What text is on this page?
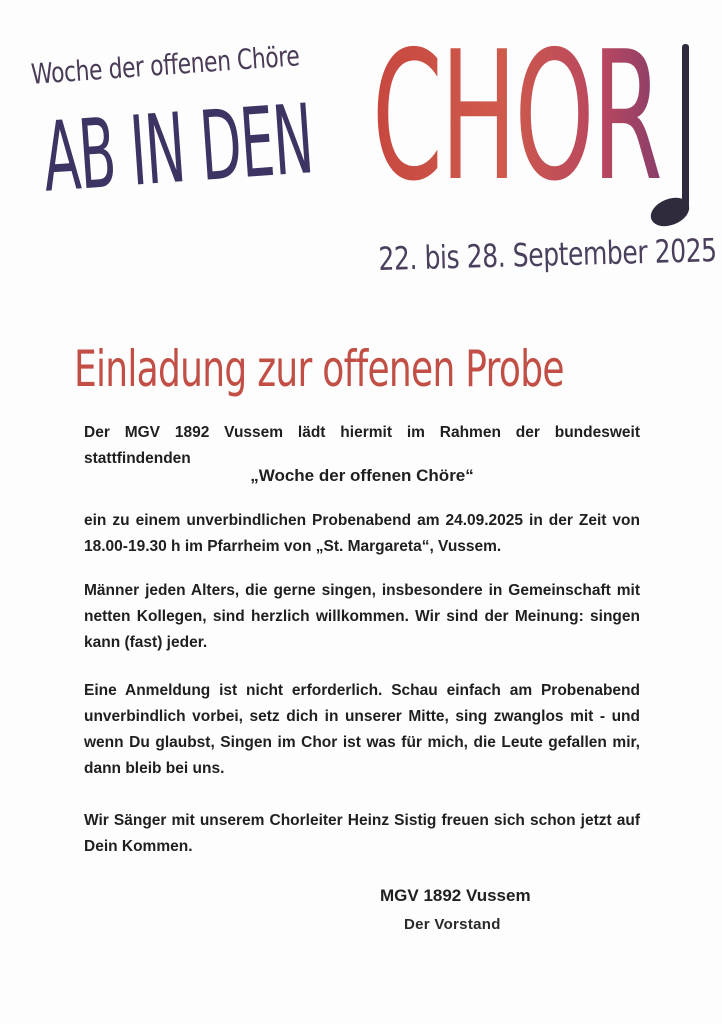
Woche der offenen Chöre
AB IN DEN CHOR
22. bis 28. September 2025
Einladung zur offenen Probe

Der MGV 1892 Vussem lädt hiermit im Rahmen der bundesweit stattfindenden

„Woche der offenen Chöre“

ein zu einem unverbindlichen Probenabend am 24.09.2025 in der Zeit von 18.00-19.30 h im Pfarrheim von „St. Margareta“, Vussem.

Männer jeden Alters, die gerne singen, insbesondere in Gemeinschaft mit netten Kollegen, sind herzlich willkommen. Wir sind der Meinung: singen kann (fast) jeder.

Eine Anmeldung ist nicht erforderlich. Schau einfach am Probenabend unverbindlich vorbei, setz dich in unserer Mitte, sing zwanglos mit - und wenn Du glaubst, Singen im Chor ist was für mich, die Leute gefallen mir, dann bleib bei uns.

Wir Sänger mit unserem Chorleiter Heinz Sistig freuen sich schon jetzt auf Dein Kommen.

MGV 1892 Vussem
Der Vorstand
